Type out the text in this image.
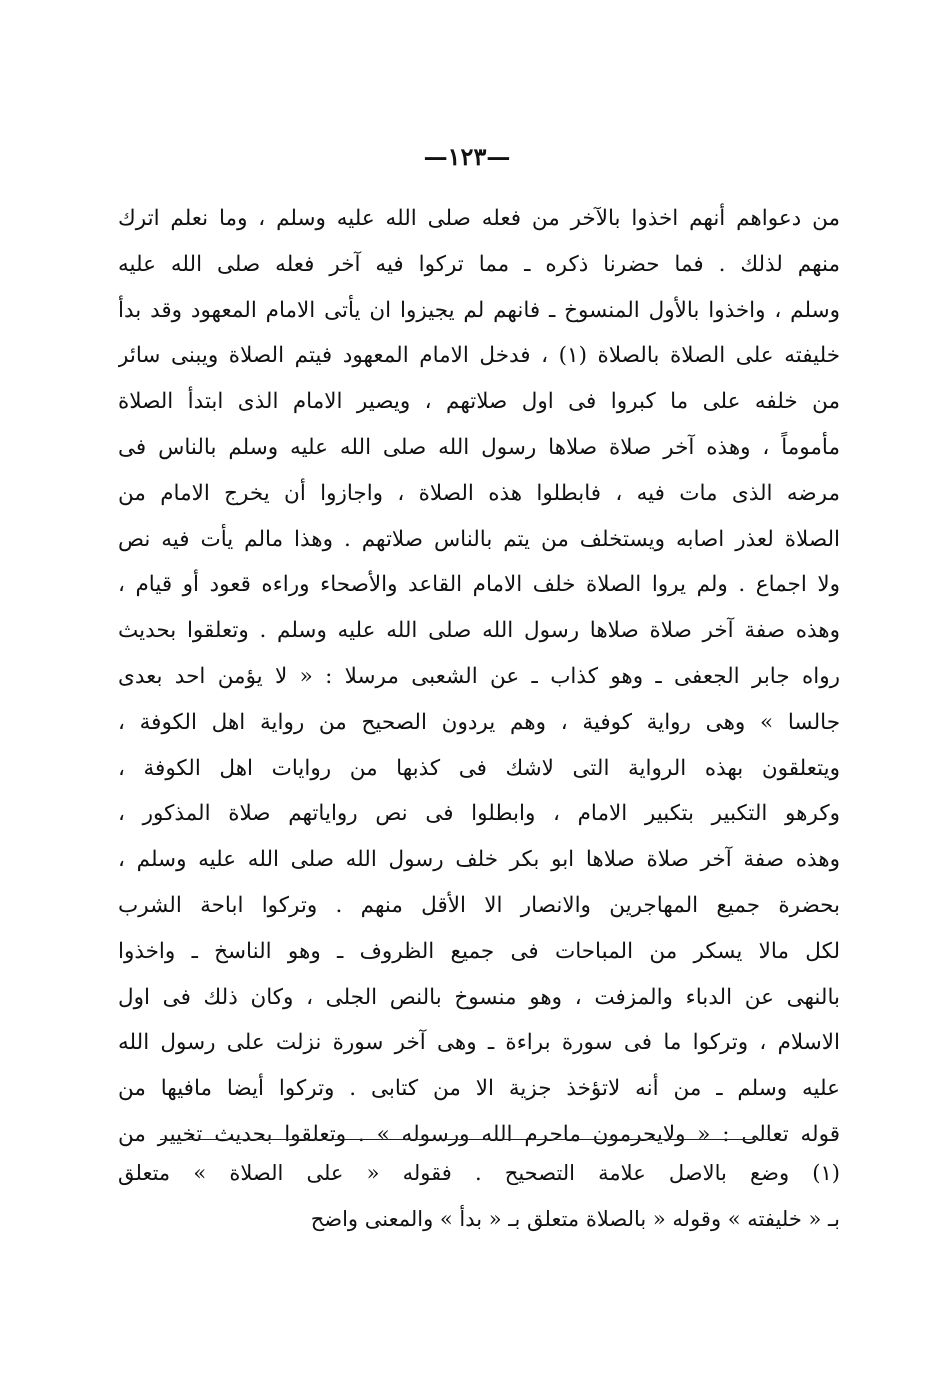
—١٢٣—
من دعواهم أنهم اخذوا بالآخر من فعله صلى الله عليه وسلم ، وما نعلم اترك
منهم لذلك . فما حضرنا ذكره ـ مما تركوا فيه آخر فعله صلى الله عليه
وسلم ، واخذوا بالأول المنسوخ ـ فانهم لم يجيزوا ان يأتى الامام المعهود وقد بدأ
خليفته على الصلاة بالصلاة (١) ، فدخل الامام المعهود فيتم الصلاة ويبنى سائر
من خلفه على ما كبروا فى اول صلاتهم ، ويصير الامام الذى ابتدأ الصلاة
مأموماً ، وهذه آخر صلاة صلاها رسول الله صلى الله عليه وسلم بالناس فى
مرضه الذى مات فيه ، فابطلوا هذه الصلاة ، واجازوا أن يخرج الامام من
الصلاة لعذر اصابه ويستخلف من يتم بالناس صلاتهم . وهذا مالم يأت فيه نص
ولا اجماع . ولم يروا الصلاة خلف الامام القاعد والأصحاء وراءه قعود أو قيام ،
وهذه صفة آخر صلاة صلاها رسول الله صلى الله عليه وسلم . وتعلقوا بحديث
رواه جابر الجعفى ـ وهو كذاب ـ عن الشعبى مرسلا : « لا يؤمن احد بعدى
جالسا » وهى رواية كوفية ، وهم يردون الصحيح من رواية اهل الكوفة ،
ويتعلقون بهذه الرواية التى لاشك فى كذبها من روايات اهل الكوفة ،
وكرهو التكبير بتكبير الامام ، وابطلوا فى نص رواياتهم صلاة المذكور ،
وهذه صفة آخر صلاة صلاها ابو بكر خلف رسول الله صلى الله عليه وسلم ،
بحضرة جميع المهاجرين والانصار الا الأقل منهم . وتركوا اباحة الشرب
لكل مالا يسكر من المباحات فى جميع الظروف ـ وهو الناسخ ـ واخذوا
بالنهى عن الدباء والمزفت ، وهو منسوخ بالنص الجلى ، وكان ذلك فى اول
الاسلام ، وتركوا ما فى سورة براءة ـ وهى آخر سورة نزلت على رسول الله
عليه وسلم ـ من أنه لاتؤخذ جزية الا من كتابى . وتركوا أيضا مافيها من
قوله تعالى : « ولايحرمون ماحرم الله ورسوله » . وتعلقوا بحديث تخيير من
(١) وضع بالاصل علامة التصحيح . فقوله « على الصلاة » متعلق
بـ « خليفته » وقوله « بالصلاة متعلق بـ « بدأ » والمعنى واضح
